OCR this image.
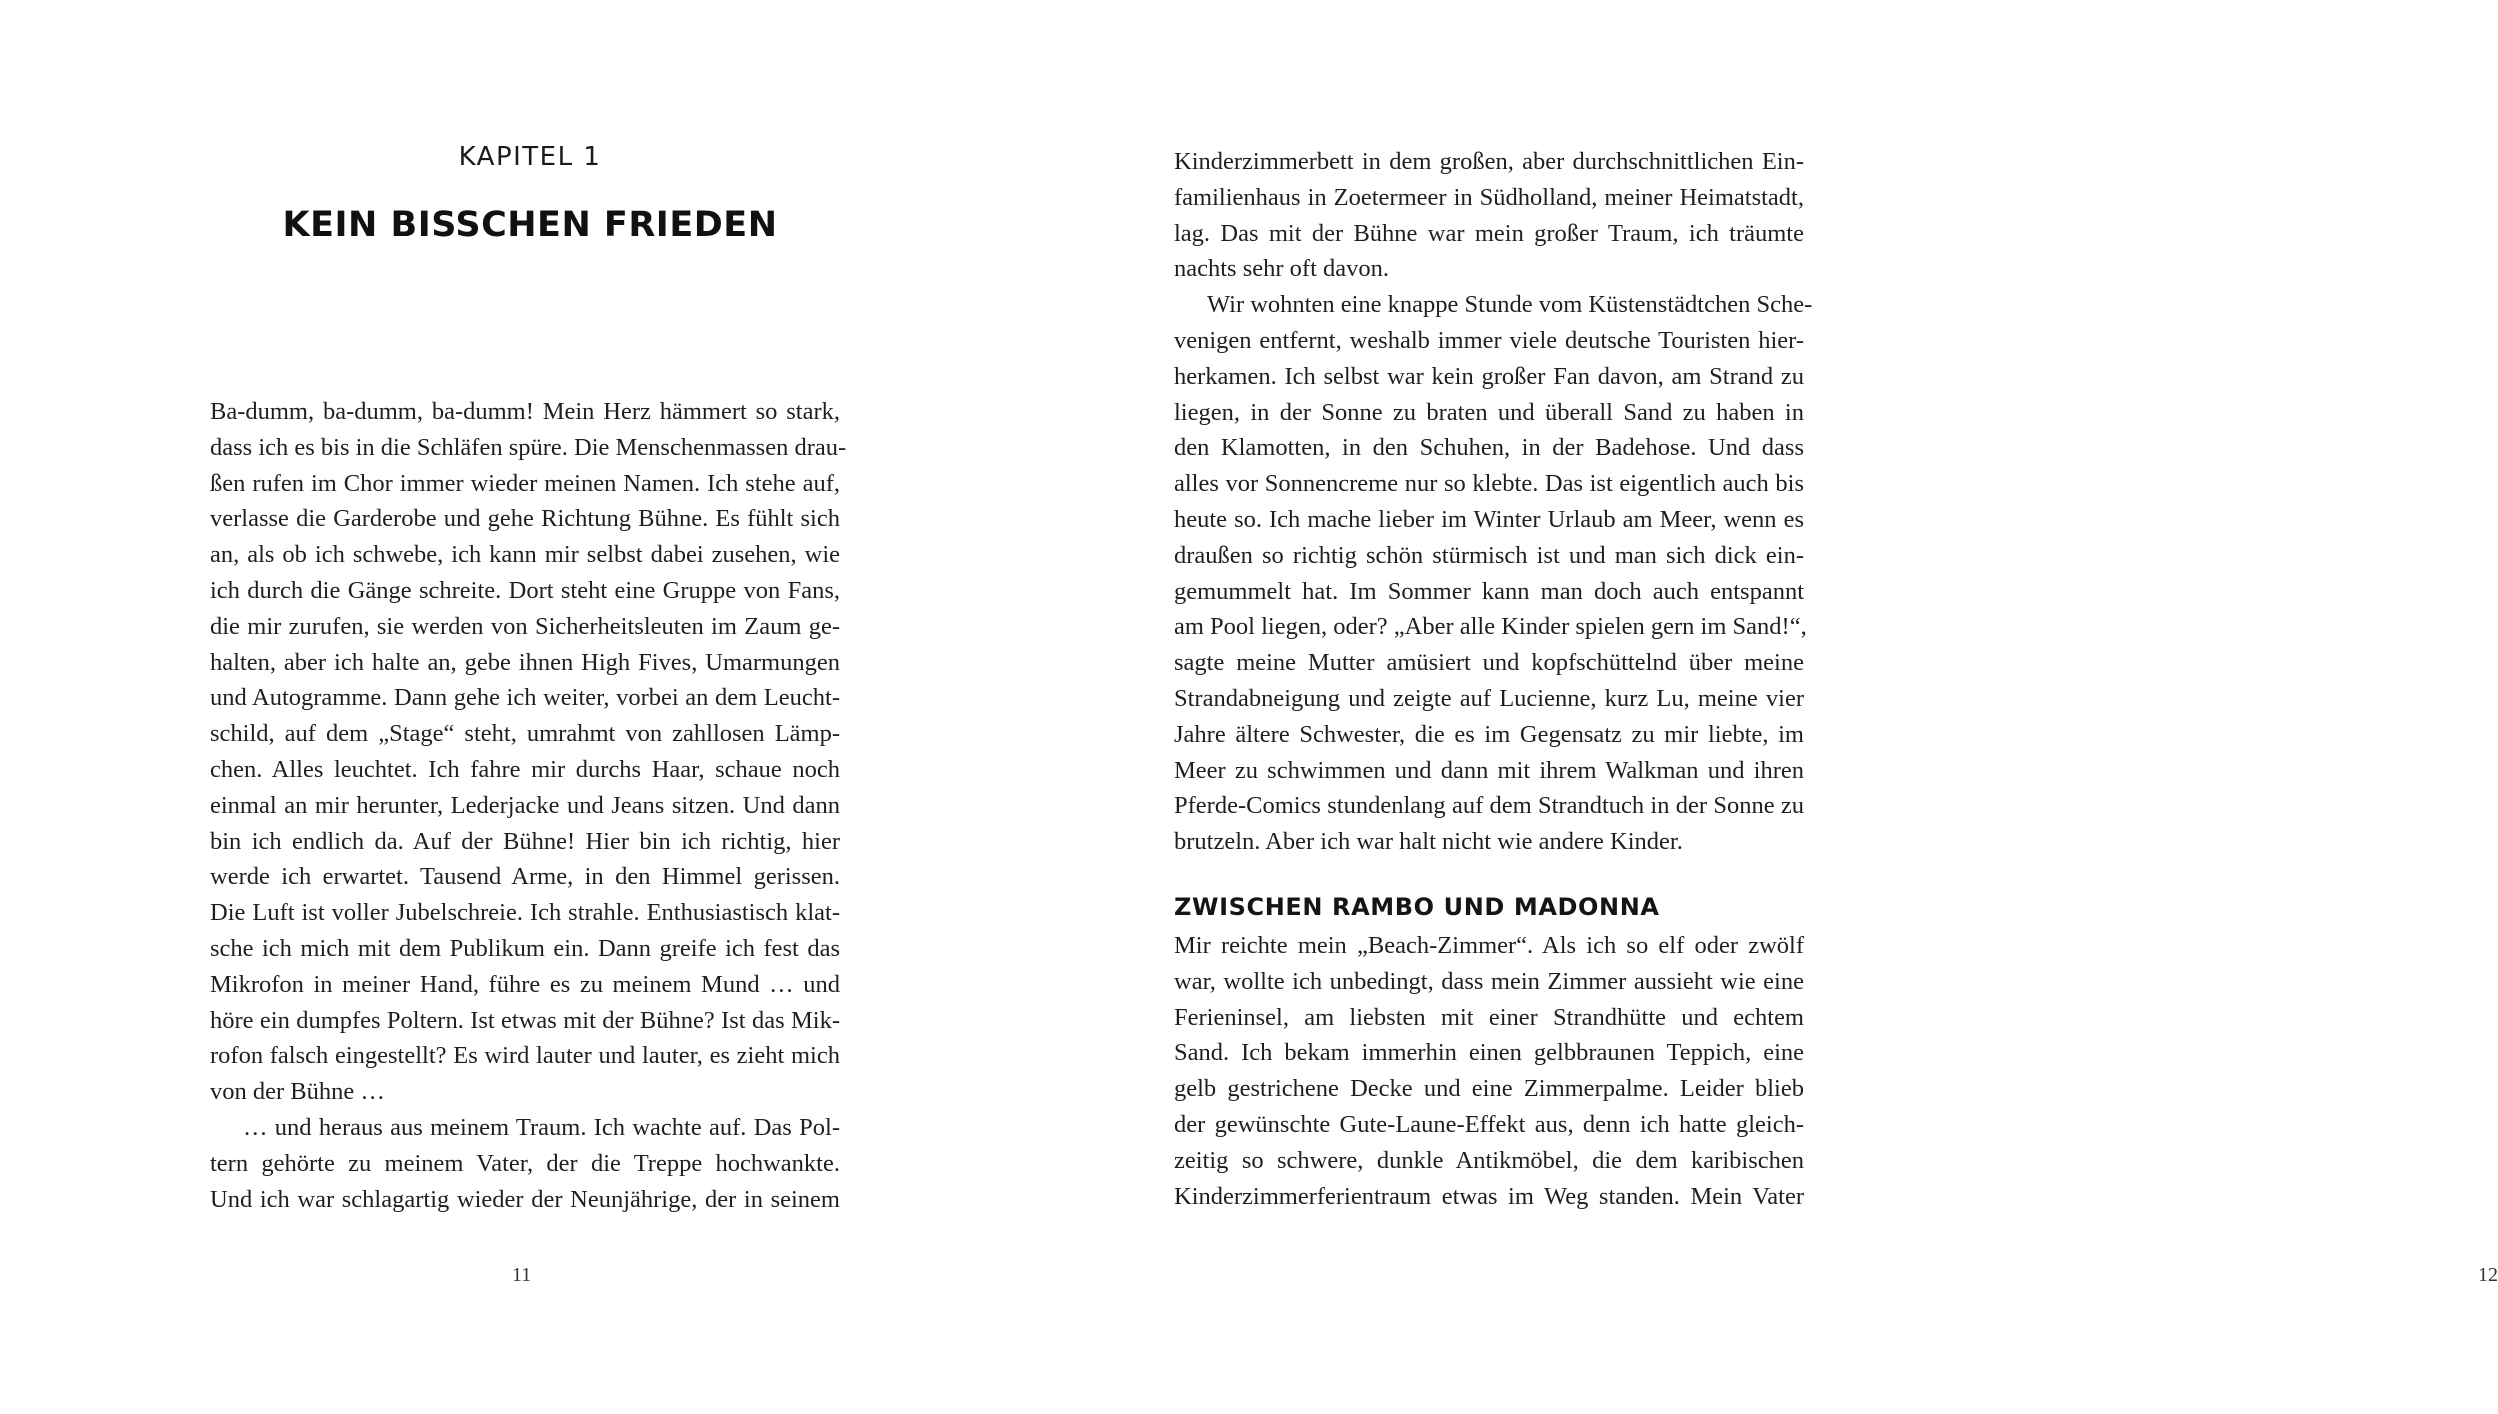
KAPITEL 1
KEIN BISSCHEN FRIEDEN
Ba-dumm, ba-dumm, ba-dumm! Mein Herz hämmert so stark,
dass ich es bis in die Schläfen spüre. Die Menschenmassen drau-
ßen rufen im Chor immer wieder meinen Namen. Ich stehe auf,
verlasse die Garderobe und gehe Richtung Bühne. Es fühlt sich
an, als ob ich schwebe, ich kann mir selbst dabei zusehen, wie
ich durch die Gänge schreite. Dort steht eine Gruppe von Fans,
die mir zurufen, sie werden von Sicherheitsleuten im Zaum ge-
halten, aber ich halte an, gebe ihnen High Fives, Umarmungen
und Autogramme. Dann gehe ich weiter, vorbei an dem Leucht-
schild, auf dem „Stage“ steht, umrahmt von zahllosen Lämp-
chen. Alles leuchtet. Ich fahre mir durchs Haar, schaue noch
einmal an mir herunter, Lederjacke und Jeans sitzen. Und dann
bin ich endlich da. Auf der Bühne! Hier bin ich richtig, hier
werde ich erwartet. Tausend Arme, in den Himmel gerissen.
Die Luft ist voller Jubelschreie. Ich strahle. Enthusiastisch klat-
sche ich mich mit dem Publikum ein. Dann greife ich fest das
Mikrofon in meiner Hand, führe es zu meinem Mund … und
höre ein dumpfes Poltern. Ist etwas mit der Bühne? Ist das Mik-
rofon falsch eingestellt? Es wird lauter und lauter, es zieht mich
von der Bühne …
… und heraus aus meinem Traum. Ich wachte auf. Das Pol-
tern gehörte zu meinem Vater, der die Treppe hochwankte.
Und ich war schlagartig wieder der Neunjährige, der in seinem
11	12
Kinderzimmerbett in dem großen, aber durchschnittlichen Ein-
familienhaus in Zoetermeer in Südholland, meiner Heimatstadt,
lag. Das mit der Bühne war mein großer Traum, ich träumte
nachts sehr oft davon.
Wir wohnten eine knappe Stunde vom Küstenstädtchen Sche-
venigen entfernt, weshalb immer viele deutsche Touristen hier-
herkamen. Ich selbst war kein großer Fan davon, am Strand zu
liegen, in der Sonne zu braten und überall Sand zu haben in
den Klamotten, in den Schuhen, in der Badehose. Und dass
alles vor Sonnencreme nur so klebte. Das ist eigentlich auch bis
heute so. Ich mache lieber im Winter Urlaub am Meer, wenn es
draußen so richtig schön stürmisch ist und man sich dick ein-
gemummelt hat. Im Sommer kann man doch auch entspannt
am Pool liegen, oder? „Aber alle Kinder spielen gern im Sand!“,
sagte meine Mutter amüsiert und kopfschüttelnd über meine
Strandabneigung und zeigte auf Lucienne, kurz Lu, meine vier
Jahre ältere Schwester, die es im Gegensatz zu mir liebte, im
Meer zu schwimmen und dann mit ihrem Walkman und ihren
Pferde-Comics stundenlang auf dem Strandtuch in der Sonne zu
brutzeln. Aber ich war halt nicht wie andere Kinder.
ZWISCHEN RAMBO UND MADONNA
Mir reichte mein „Beach-Zimmer“. Als ich so elf oder zwölf
war, wollte ich unbedingt, dass mein Zimmer aussieht wie eine
Ferieninsel, am liebsten mit einer Strandhütte und echtem
Sand. Ich bekam immerhin einen gelbbraunen Teppich, eine
gelb gestrichene Decke und eine Zimmerpalme. Leider blieb
der gewünschte Gute-Laune-Effekt aus, denn ich hatte gleich-
zeitig so schwere, dunkle Antikmöbel, die dem karibischen
Kinderzimmerferientraum etwas im Weg standen. Mein Vater
